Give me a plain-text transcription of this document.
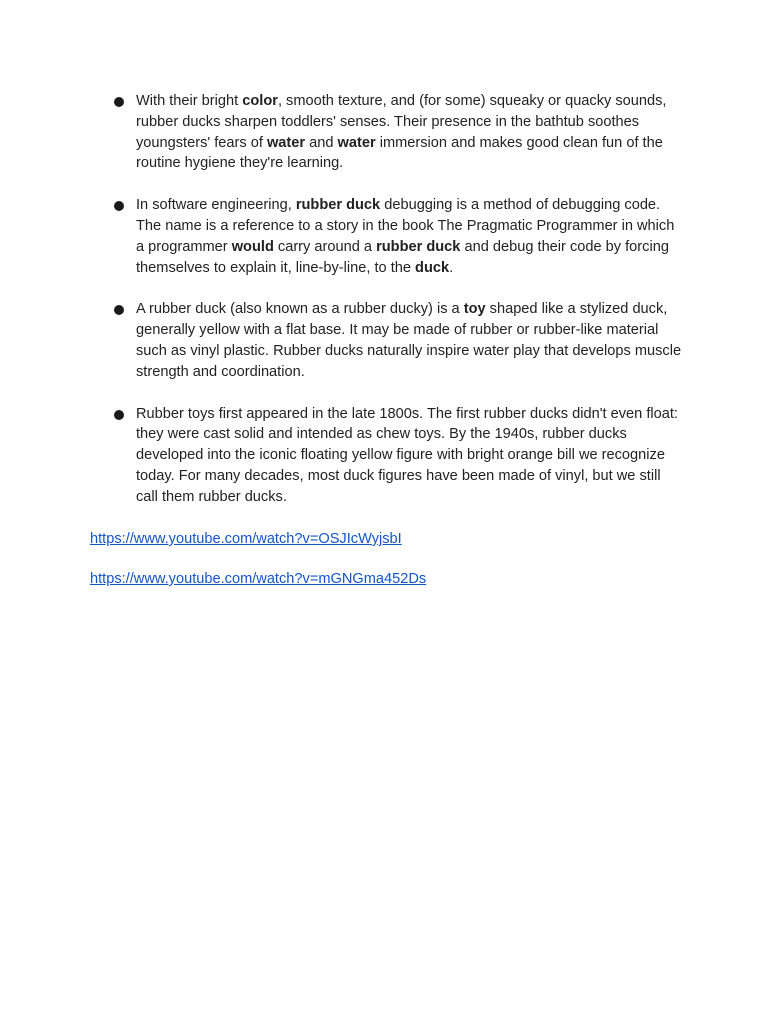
With their bright color, smooth texture, and (for some) squeaky or quacky sounds, rubber ducks sharpen toddlers' senses. Their presence in the bathtub soothes youngsters' fears of water and water immersion and makes good clean fun of the routine hygiene they're learning.
In software engineering, rubber duck debugging is a method of debugging code. The name is a reference to a story in the book The Pragmatic Programmer in which a programmer would carry around a rubber duck and debug their code by forcing themselves to explain it, line-by-line, to the duck.
A rubber duck (also known as a rubber ducky) is a toy shaped like a stylized duck, generally yellow with a flat base. It may be made of rubber or rubber-like material such as vinyl plastic. Rubber ducks naturally inspire water play that develops muscle strength and coordination.
Rubber toys first appeared in the late 1800s. The first rubber ducks didn't even float: they were cast solid and intended as chew toys. By the 1940s, rubber ducks developed into the iconic floating yellow figure with bright orange bill we recognize today. For many decades, most duck figures have been made of vinyl, but we still call them rubber ducks.
https://www.youtube.com/watch?v=OSJIcWyjsbI
https://www.youtube.com/watch?v=mGNGma452Ds
